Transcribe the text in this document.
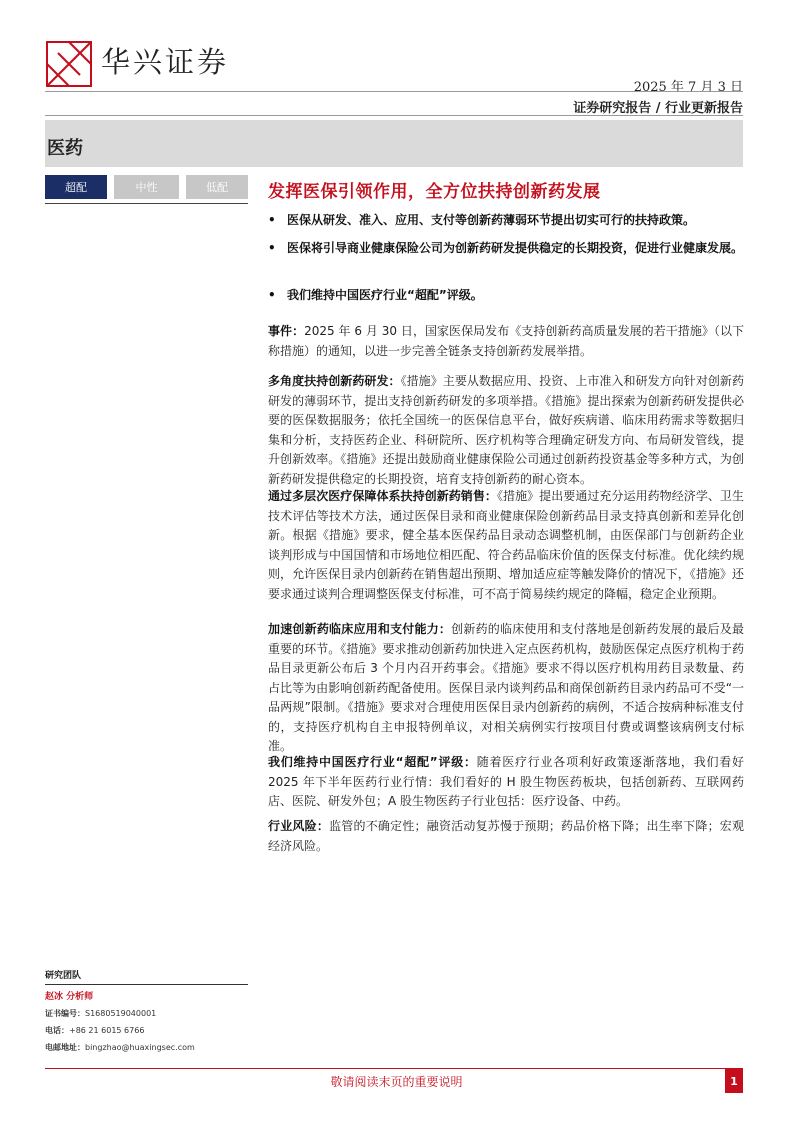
华兴证券
2025 年 7 月 3 日
证券研究报告 / 行业更新报告
医药
超配	中性	低配	发挥医保引领作用，全方位扶持创新药发展
• 医保从研发、准入、应用、支付等创新药薄弱环节提出切实可行的扶持政策。
• 医保将引导商业健康保险公司为创新药研发提供稳定的长期投资，促进行业健康发展。
• 我们维持中国医疗行业“超配”评级。
事件：2025 年 6 月 30 日，国家医保局发布《支持创新药高质量发展的若干措施》（以下称措施）的通知，以进一步完善全链条支持创新药发展举措。
多角度扶持创新药研发：《措施》主要从数据应用、投资、上市准入和研发方向针对创新药研发的薄弱环节，提出支持创新药研发的多项举措。《措施》提出探索为创新药研发提供必要的医保数据服务；依托全国统一的医保信息平台，做好疾病谱、临床用药需求等数据归集和分析，支持医药企业、科研院所、医疗机构等合理确定研发方向、布局研发管线，提升创新效率。《措施》还提出鼓励商业健康保险公司通过创新药投资基金等多种方式，为创新药研发提供稳定的长期投资，培育支持创新药的耐心资本。
通过多层次医疗保障体系扶持创新药销售：《措施》提出要通过充分运用药物经济学、卫生技术评估等技术方法，通过医保目录和商业健康保险创新药品目录支持真创新和差异化创新。根据《措施》要求，健全基本医保药品目录动态调整机制，由医保部门与创新药企业谈判形成与中国国情和市场地位相匹配、符合药品临床价值的医保支付标准。优化续约规则，允许医保目录内创新药在销售超出预期、增加适应症等触发降价的情况下，《措施》还要求通过谈判合理调整医保支付标准，可不高于简易续约规定的降幅，稳定企业预期。
加速创新药临床应用和支付能力：创新药的临床使用和支付落地是创新药发展的最后及最重要的环节。《措施》要求推动创新药加快进入定点医药机构，鼓励医保定点医疗机构于药品目录更新公布后 3 个月内召开药事会。《措施》要求不得以医疗机构用药目录数量、药占比等为由影响创新药配备使用。医保目录内谈判药品和商保创新药目录内药品可不受“一品两规”限制。《措施》要求对合理使用医保目录内创新药的病例，不适合按病种标准支付的，支持医疗机构自主申报特例单议，对相关病例实行按项目付费或调整该病例支付标准。
我们维持中国医疗行业“超配”评级：随着医疗行业各项利好政策逐渐落地，我们看好 2025 年下半年医药行业行情：我们看好的 H 股生物医药板块，包括创新药、互联网药店、医院、研发外包；A 股生物医药子行业包括：医疗设备、中药。
行业风险：监管的不确定性；融资活动复苏慢于预期；药品价格下降；出生率下降；宏观经济风险。
研究团队
赵冰 分析师
证书编号：S1680519040001
电话：+86 21 6015 6766
电邮地址：bingzhao@huaxingsec.com
敬请阅读末页的重要说明	1
